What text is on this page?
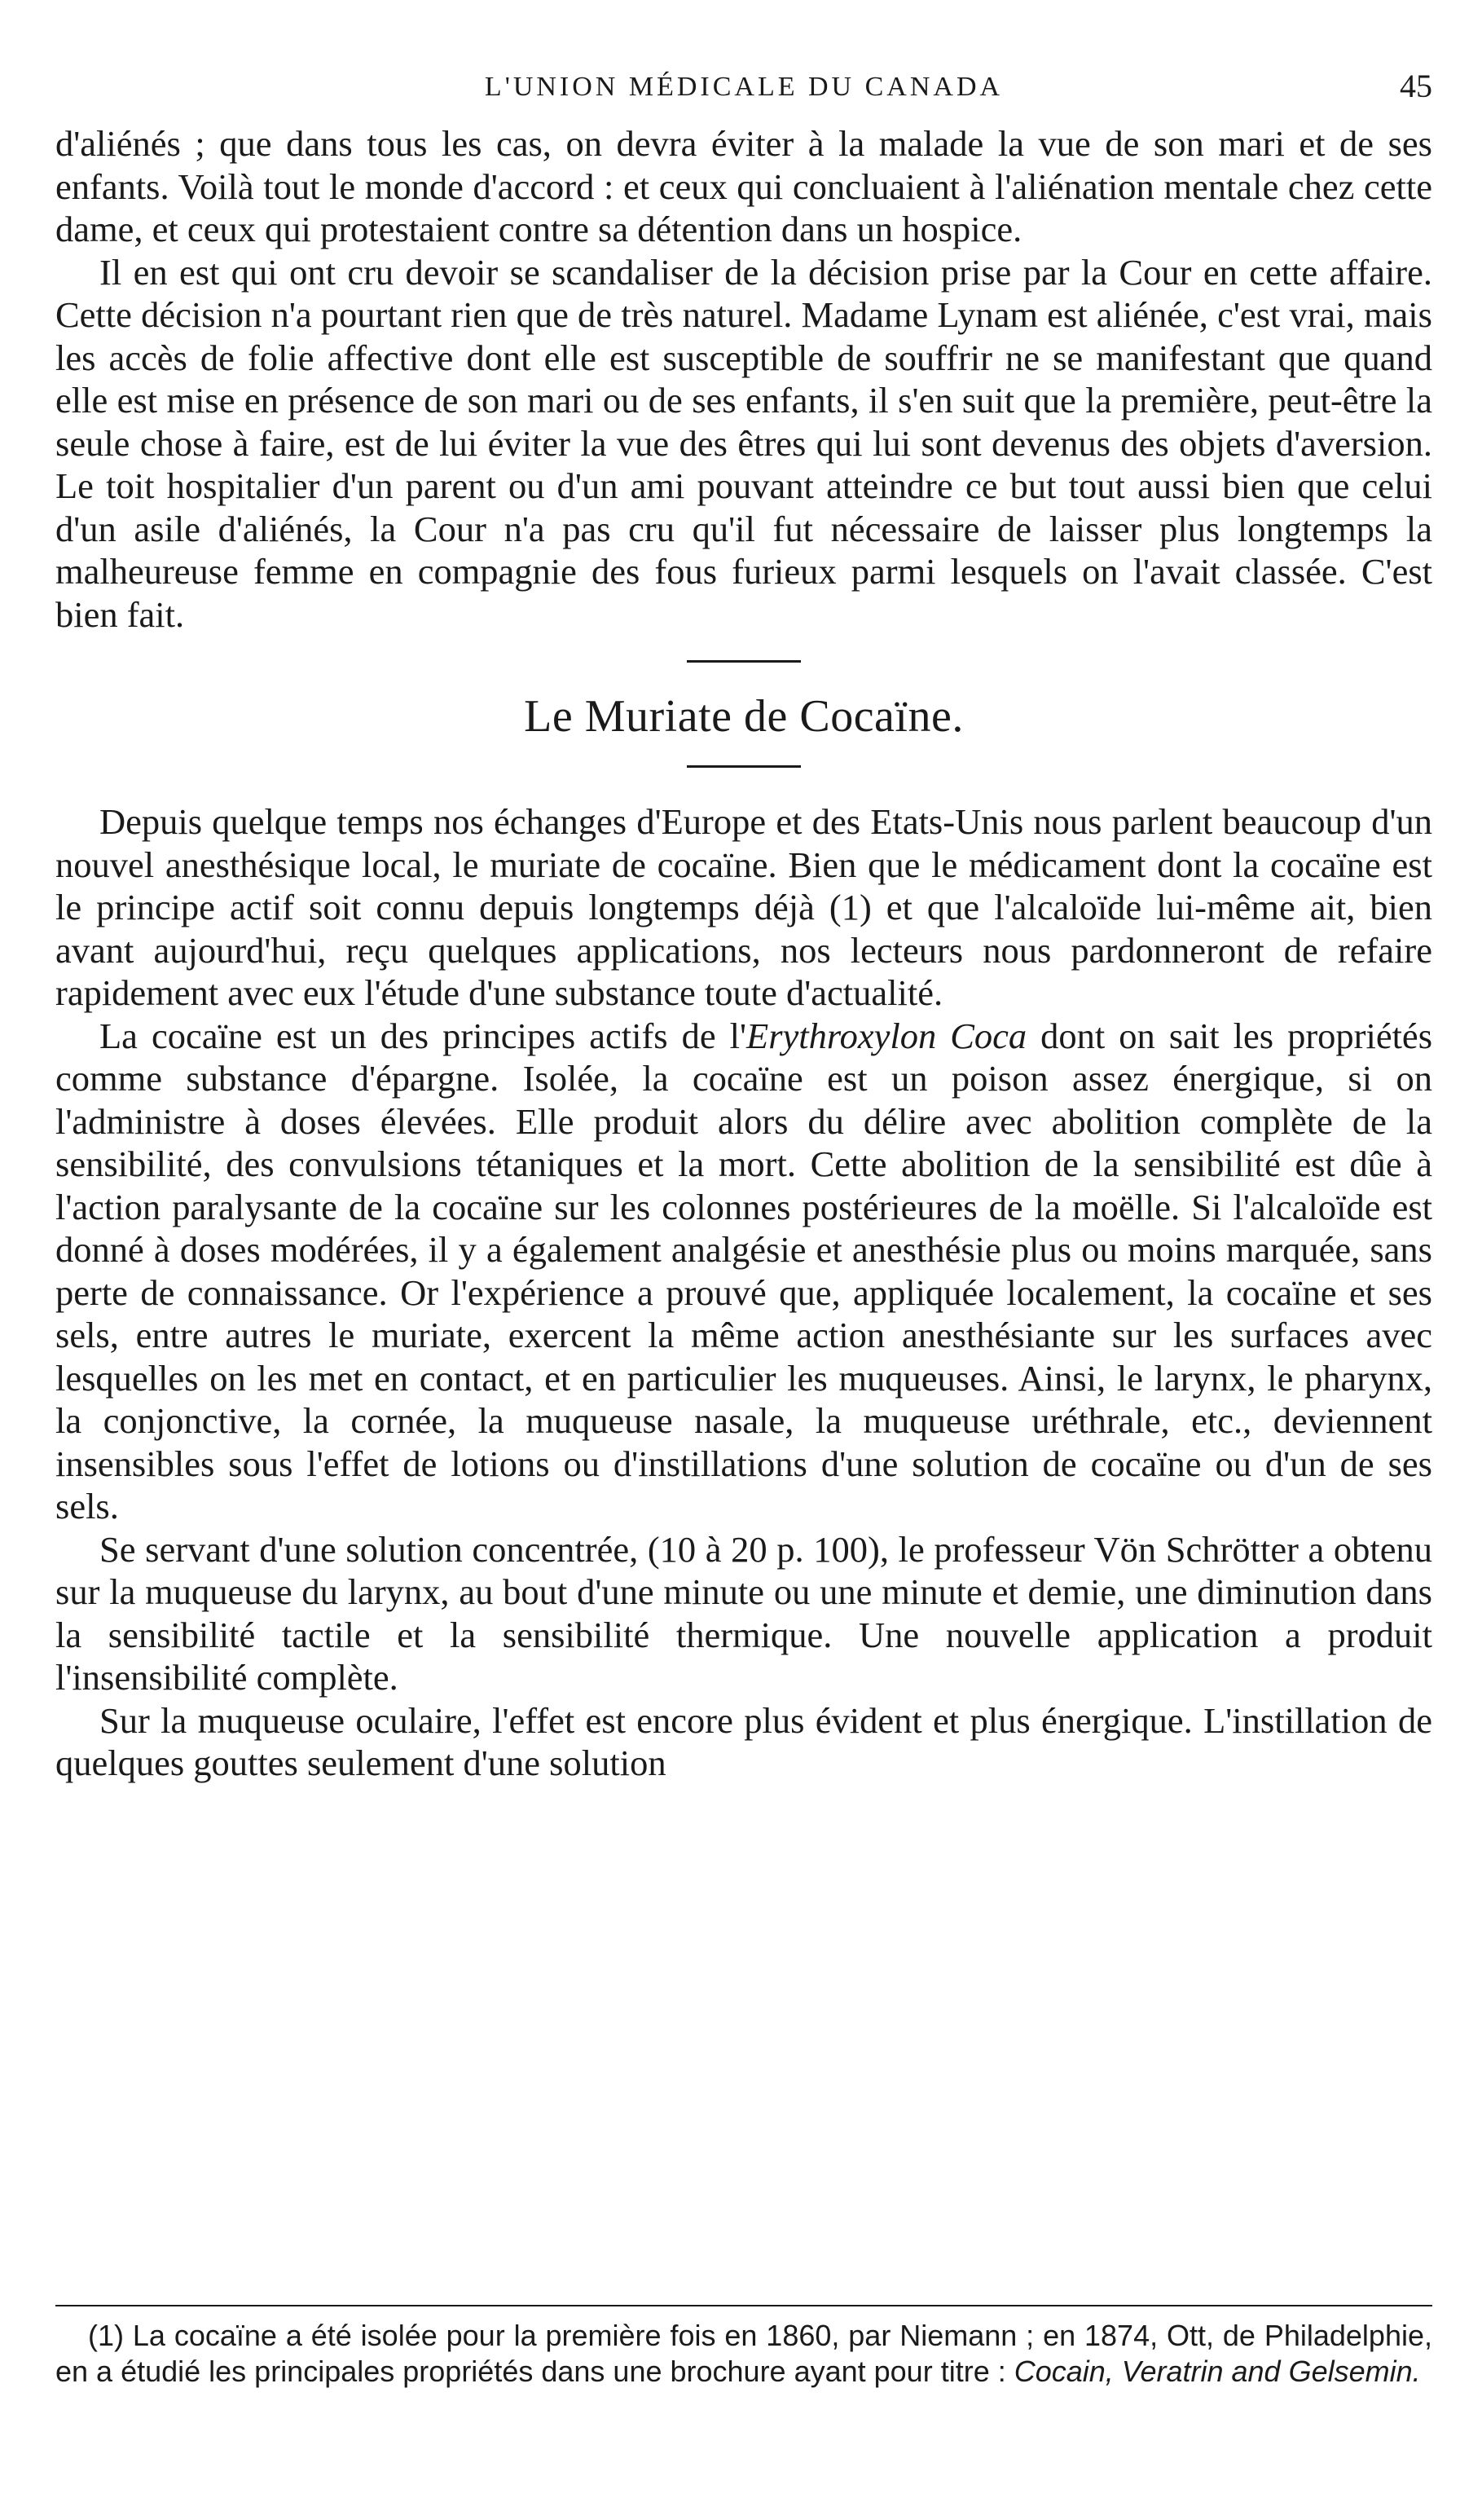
L'UNION MÉDICALE DU CANADA	45

d'aliénés ; que dans tous les cas, on devra éviter à la malade la vue de son mari et de ses enfants. Voilà tout le monde d'accord : et ceux qui concluaient à l'aliénation mentale chez cette dame, et ceux qui protestaient contre sa détention dans un hospice.

Il en est qui ont cru devoir se scandaliser de la décision prise par la Cour en cette affaire. Cette décision n'a pourtant rien que de très naturel. Madame Lynam est aliénée, c'est vrai, mais les accès de folie affective dont elle est susceptible de souffrir ne se manifestant que quand elle est mise en présence de son mari ou de ses enfants, il s'en suit que la première, peut-être la seule chose à faire, est de lui éviter la vue des êtres qui lui sont devenus des objets d'aversion. Le toit hospitalier d'un parent ou d'un ami pouvant atteindre ce but tout aussi bien que celui d'un asile d'aliénés, la Cour n'a pas cru qu'il fut nécessaire de laisser plus longtemps la malheureuse femme en compagnie des fous furieux parmi lesquels on l'avait classée. C'est bien fait.

Le Muriate de Cocaïne.

Depuis quelque temps nos échanges d'Europe et des Etats-Unis nous parlent beaucoup d'un nouvel anesthésique local, le muriate de cocaïne. Bien que le médicament dont la cocaïne est le principe actif soit connu depuis longtemps déjà (1) et que l'alcaloïde lui-même ait, bien avant aujourd'hui, reçu quelques applications, nos lecteurs nous pardonneront de refaire rapidement avec eux l'étude d'une substance toute d'actualité.

La cocaïne est un des principes actifs de l'Erythroxylon Coca dont on sait les propriétés comme substance d'épargne. Isolée, la cocaïne est un poison assez énergique, si on l'administre à doses élevées. Elle produit alors du délire avec abolition complète de la sensibilité, des convulsions tétaniques et la mort. Cette abolition de la sensibilité est dûe à l'action paralysante de la cocaïne sur les colonnes postérieures de la moëlle. Si l'alcaloïde est donné à doses modérées, il y a également analgésie et anesthésie plus ou moins marquée, sans perte de connaissance. Or l'expérience a prouvé que, appliquée localement, la cocaïne et ses sels, entre autres le muriate, exercent la même action anesthésiante sur les surfaces avec lesquelles on les met en contact, et en particulier les muqueuses. Ainsi, le larynx, le pharynx, la conjonctive, la cornée, la muqueuse nasale, la muqueuse uréthrale, etc., deviennent insensibles sous l'effet de lotions ou d'instillations d'une solution de cocaïne ou d'un de ses sels.

Se servant d'une solution concentrée, (10 à 20 p. 100), le professeur Vön Schrötter a obtenu sur la muqueuse du larynx, au bout d'une minute ou une minute et demie, une diminution dans la sensibilité tactile et la sensibilité thermique. Une nouvelle application a produit l'insensibilité complète.

Sur la muqueuse oculaire, l'effet est encore plus évident et plus énergique. L'instillation de quelques gouttes seulement d'une solution

(1) La cocaïne a été isolée pour la première fois en 1860, par Niemann ; en 1874, Ott, de Philadelphie, en a étudié les principales propriétés dans une brochure ayant pour titre : Cocain, Veratrin and Gelsemin.
